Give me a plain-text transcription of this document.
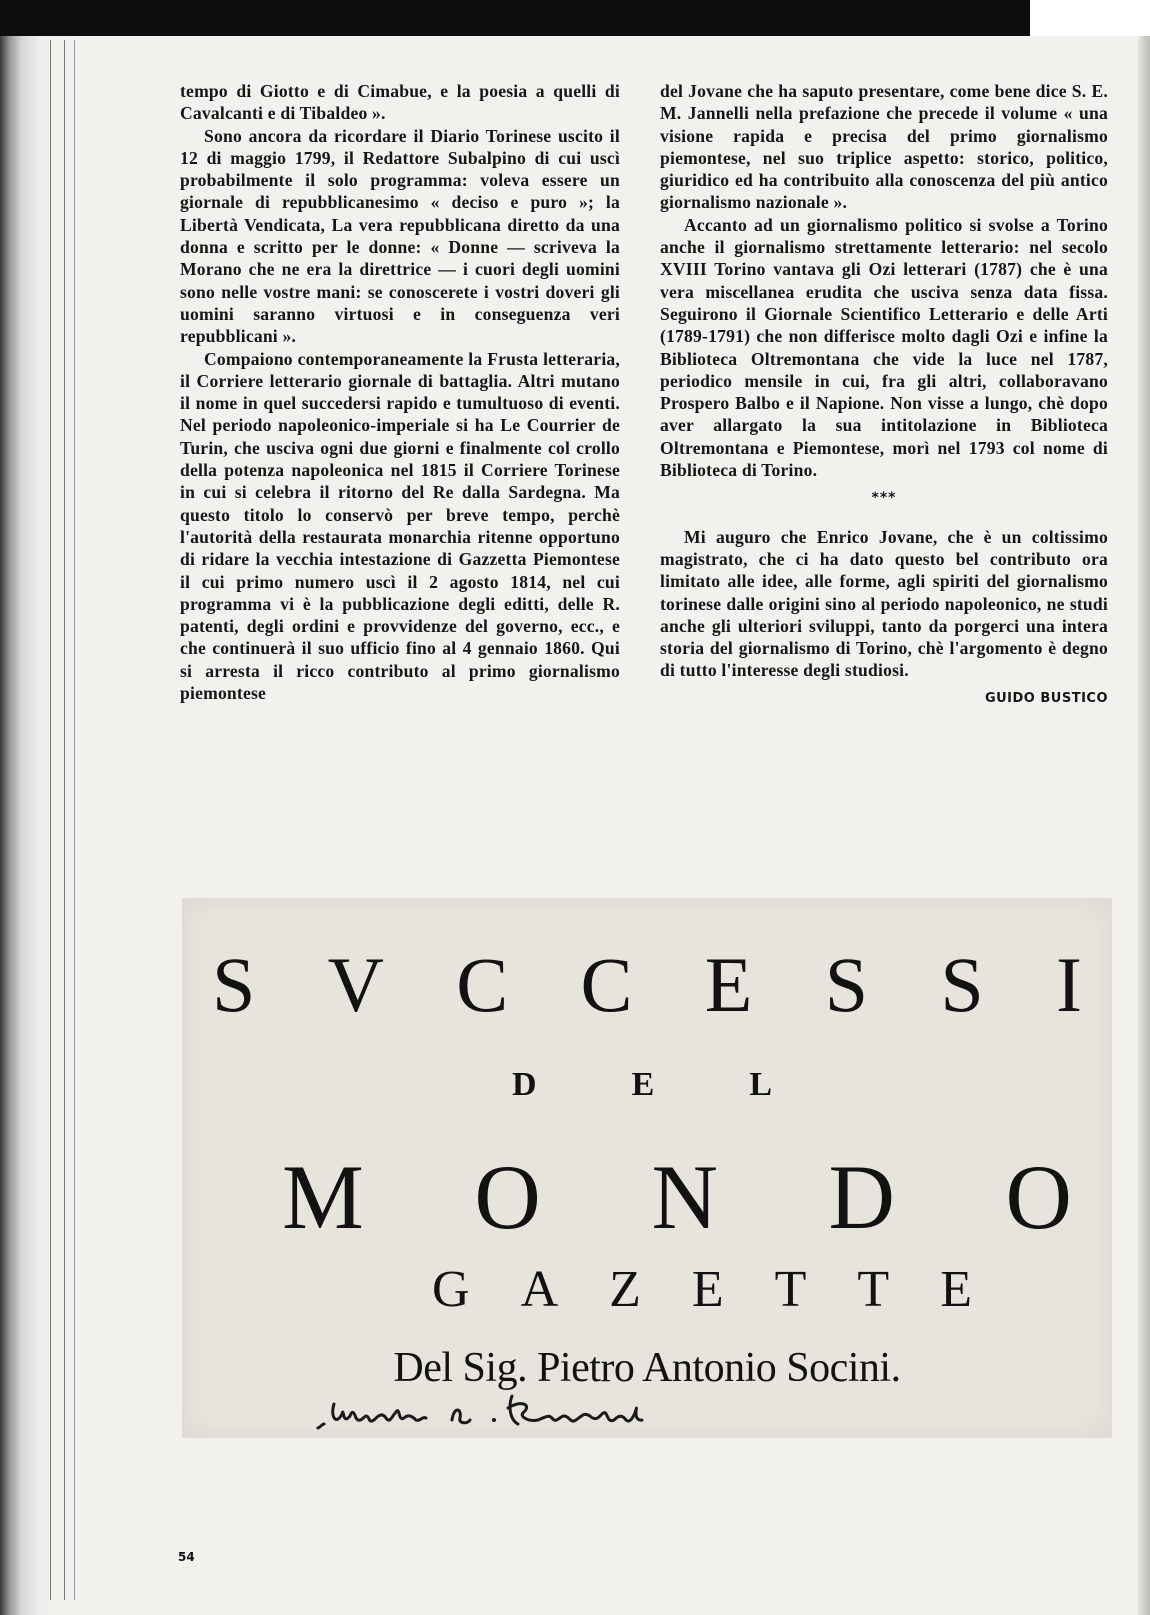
tempo di Giotto e di Cimabue, e la poesia a quelli di Cavalcanti e di Tibaldeo ».

Sono ancora da ricordare il Diario Torinese uscito il 12 di maggio 1799, il Redattore Subalpino di cui uscì probabilmente il solo programma: voleva essere un giornale di repubblicanesimo « deciso e puro »; la Libertà Vendicata, La vera repubblicana diretto da una donna e scritto per le donne: « Donne — scriveva la Morano che ne era la direttrice — i cuori degli uomini sono nelle vostre mani: se conoscerete i vostri doveri gli uomini saranno virtuosi e in conseguenza veri repubblicani ».

Compaiono contemporaneamente la Frusta letteraria, il Corriere letterario giornale di battaglia. Altri mutano il nome in quel succedersi rapido e tumultuoso di eventi. Nel periodo napoleonico-imperiale si ha Le Courrier de Turin, che usciva ogni due giorni e finalmente col crollo della potenza napoleonica nel 1815 il Corriere Torinese in cui si celebra il ritorno del Re dalla Sardegna. Ma questo titolo lo conservò per breve tempo, perchè l'autorità della restaurata monarchia ritenne opportuno di ridare la vecchia intestazione di Gazzetta Piemontese il cui primo numero uscì il 2 agosto 1814, nel cui programma vi è la pubblicazione degli editti, delle R. patenti, degli ordini e provvidenze del governo, ecc., e che continuerà il suo ufficio fino al 4 gennaio 1860. Qui si arresta il ricco contributo al primo giornalismo piemontese

del Jovane che ha saputo presentare, come bene dice S. E. M. Jannelli nella prefazione che precede il volume « una visione rapida e precisa del primo giornalismo piemontese, nel suo triplice aspetto: storico, politico, giuridico ed ha contribuito alla conoscenza del più antico giornalismo nazionale ».

Accanto ad un giornalismo politico si svolse a Torino anche il giornalismo strettamente letterario: nel secolo XVIII Torino vantava gli Ozi letterari (1787) che è una vera miscellanea erudita che usciva senza data fissa. Seguirono il Giornale Scientifico Letterario e delle Arti (1789-1791) che non differisce molto dagli Ozi e infine la Biblioteca Oltremontana che vide la luce nel 1787, periodico mensile in cui, fra gli altri, collaboravano Prospero Balbo e il Napione. Non visse a lungo, chè dopo aver allargato la sua intitolazione in Biblioteca Oltremontana e Piemontese, morì nel 1793 col nome di Biblioteca di Torino.

***

Mi auguro che Enrico Jovane, che è un coltissimo magistrato, che ci ha dato questo bel contributo ora limitato alle idee, alle forme, agli spiriti del giornalismo torinese dalle origini sino al periodo napoleonico, ne studi anche gli ulteriori sviluppi, tanto da porgerci una intera storia del giornalismo di Torino, chè l'argomento è degno di tutto l'interesse degli studiosi.

GUIDO BUSTICO
S V C C E S S I
D	E	L
M O N D O
G A Z E T T E
Del Sig. Pietro Antonio Socini.
54
